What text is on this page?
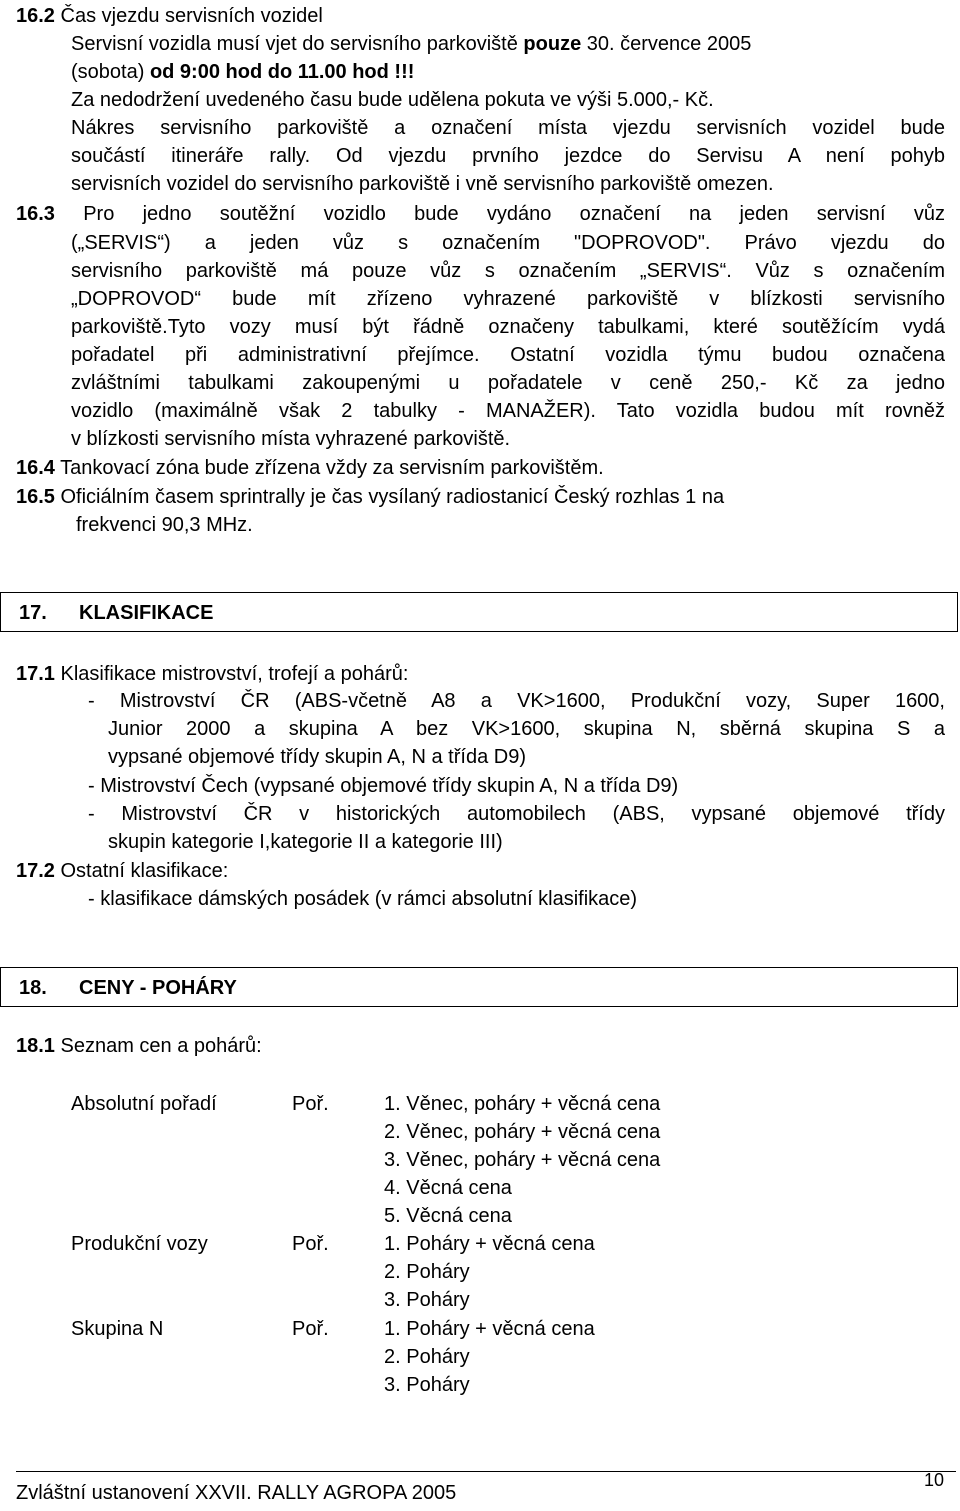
16.2 Čas vjezdu servisních vozidel
Servisní vozidla musí vjet do servisního parkoviště pouze 30. července 2005
(sobota) od 9:00 hod do 11.00 hod !!!
Za nedodržení uvedeného času bude udělena pokuta ve výši 5.000,- Kč.
Nákres servisního parkoviště a označení místa vjezdu servisních vozidel bude
součástí itineráře rally. Od vjezdu prvního jezdce do Servisu A není pohyb
servisních vozidel do servisního parkoviště i vně servisního parkoviště omezen.
16.3 Pro jedno soutěžní vozidlo bude vydáno označení na jeden servisní vůz
(„SERVIS“) a jeden vůz s označením "DOPROVOD". Právo vjezdu do
servisního parkoviště má pouze vůz s označením „SERVIS“. Vůz s označením
„DOPROVOD“ bude mít zřízeno vyhrazené parkoviště v blízkosti servisního
parkoviště.Tyto vozy musí být řádně označeny tabulkami, které soutěžícím vydá
pořadatel při administrativní přejímce. Ostatní vozidla týmu budou označena
zvláštními tabulkami zakoupenými u pořadatele v ceně 250,- Kč za jedno
vozidlo (maximálně však 2 tabulky - MANAŽER). Tato vozidla budou mít rovněž
v blízkosti servisního místa vyhrazené parkoviště.
16.4 Tankovací zóna bude zřízena vždy za servisním parkovištěm.
16.5 Oficiálním časem sprintrally je čas vysílaný radiostanicí Český rozhlas 1 na
frekvenci 90,3 MHz.
17. KLASIFIKACE
17.1 Klasifikace mistrovství, trofejí a pohárů:
- Mistrovství ČR (ABS-včetně A8 a VK>1600, Produkční vozy, Super 1600,
Junior 2000 a skupina A bez VK>1600, skupina N, sběrná skupina S a
vypsané objemové třídy skupin A, N a třída D9)
- Mistrovství Čech (vypsané objemové třídy skupin A, N a třída D9)
- Mistrovství ČR v historických automobilech (ABS, vypsané objemové třídy
skupin kategorie I,kategorie II a kategorie III)
17.2 Ostatní klasifikace:
- klasifikace dámských posádek (v rámci absolutní klasifikace)
18. CENY - POHÁRY
18.1 Seznam cen a pohárů:
Absolutní pořadí	Poř.	1. Věnec, poháry + věcná cena
2. Věnec, poháry + věcná cena
3. Věnec, poháry + věcná cena
4. Věcná cena
5. Věcná cena
Produkční vozy	Poř.	1. Poháry + věcná cena
2. Poháry
3. Poháry
Skupina N	Poř.	1. Poháry + věcná cena
2. Poháry
3. Poháry
Zvláštní ustanovení XXVII. RALLY AGROPA 2005
10
